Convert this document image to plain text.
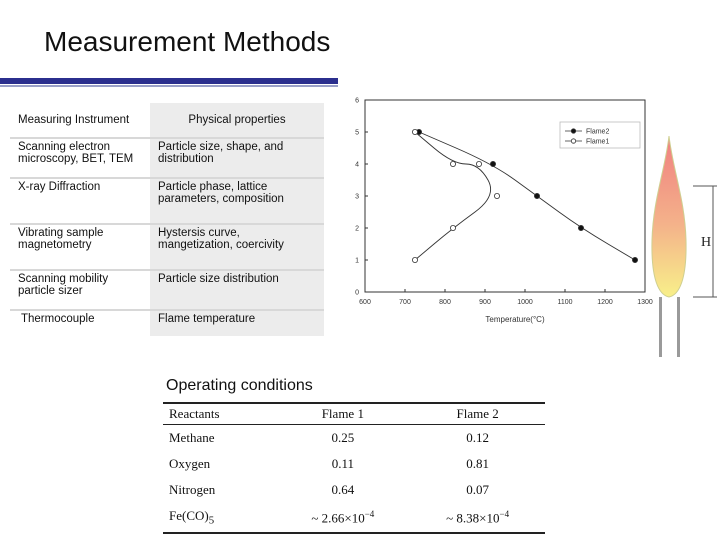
Measurement Methods
Measuring Instrument	Physical properties
Scanning electron microscopy, BET, TEM	Particle size, shape, and distribution
X-ray Diffraction	Particle phase, lattice parameters, composition
Vibrating sample magnetometry	Hystersis curve, mangetization, coercivity
Scanning mobility particle sizer	Particle size distribution
Thermocouple	Flame temperature
600	700	800	900	1000	1100	1200	1300
0
1
2
3
4
5
6
Temperature(°C)
Flame2
Flame1
H
Operating conditions
Reactants	Flame 1	Flame 2
Methane	0.25	0.12
Oxygen	0.11	0.81
Nitrogen	0.64	0.07
$Fe(CO)_5$	~ $2.66\times 10^{-4}$	~ $8.38\times 10^{-4}$
